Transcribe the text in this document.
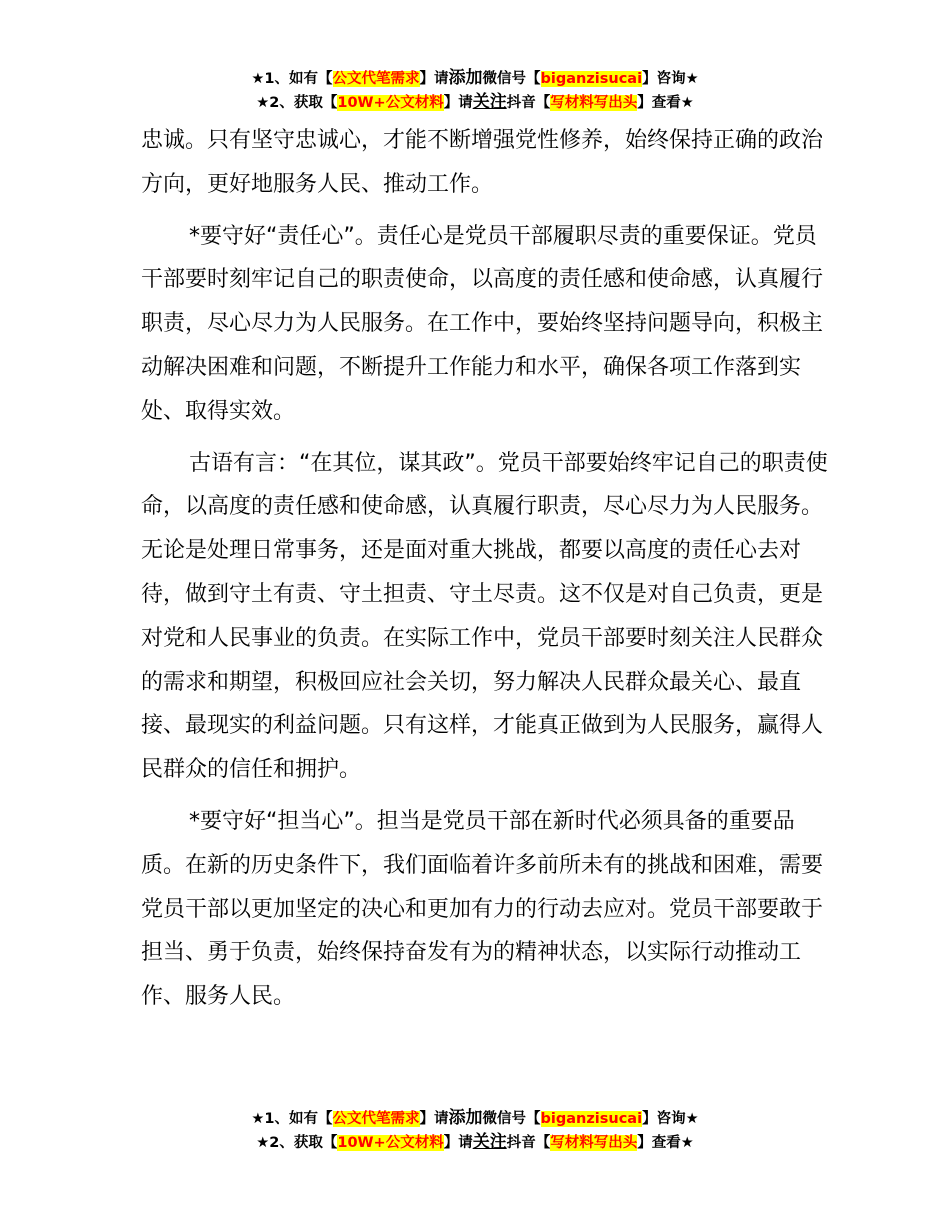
★1、如有【公文代笔需求】请添加微信号【biganzisucai】咨询★
★2、获取【10W+公文材料】请关注抖音【写材料写出头】查看★

忠诚。只有坚守忠诚心，才能不断增强党性修养，始终保持正确的政治方向，更好地服务人民、推动工作。

*要守好“责任心”。责任心是党员干部履职尽责的重要保证。党员干部要时刻牢记自己的职责使命，以高度的责任感和使命感，认真履行职责，尽心尽力为人民服务。在工作中，要始终坚持问题导向，积极主动解决困难和问题，不断提升工作能力和水平，确保各项工作落到实处、取得实效。

古语有言：“在其位，谋其政”。党员干部要始终牢记自己的职责使命，以高度的责任感和使命感，认真履行职责，尽心尽力为人民服务。无论是处理日常事务，还是面对重大挑战，都要以高度的责任心去对待，做到守土有责、守土担责、守土尽责。这不仅是对自己负责，更是对党和人民事业的负责。在实际工作中，党员干部要时刻关注人民群众的需求和期望，积极回应社会关切，努力解决人民群众最关心、最直接、最现实的利益问题。只有这样，才能真正做到为人民服务，赢得人民群众的信任和拥护。

*要守好“担当心”。担当是党员干部在新时代必须具备的重要品质。在新的历史条件下，我们面临着许多前所未有的挑战和困难，需要党员干部以更加坚定的决心和更加有力的行动去应对。党员干部要敢于担当、勇于负责，始终保持奋发有为的精神状态，以实际行动推动工作、服务人民。

★1、如有【公文代笔需求】请添加微信号【biganzisucai】咨询★
★2、获取【10W+公文材料】请关注抖音【写材料写出头】查看★
